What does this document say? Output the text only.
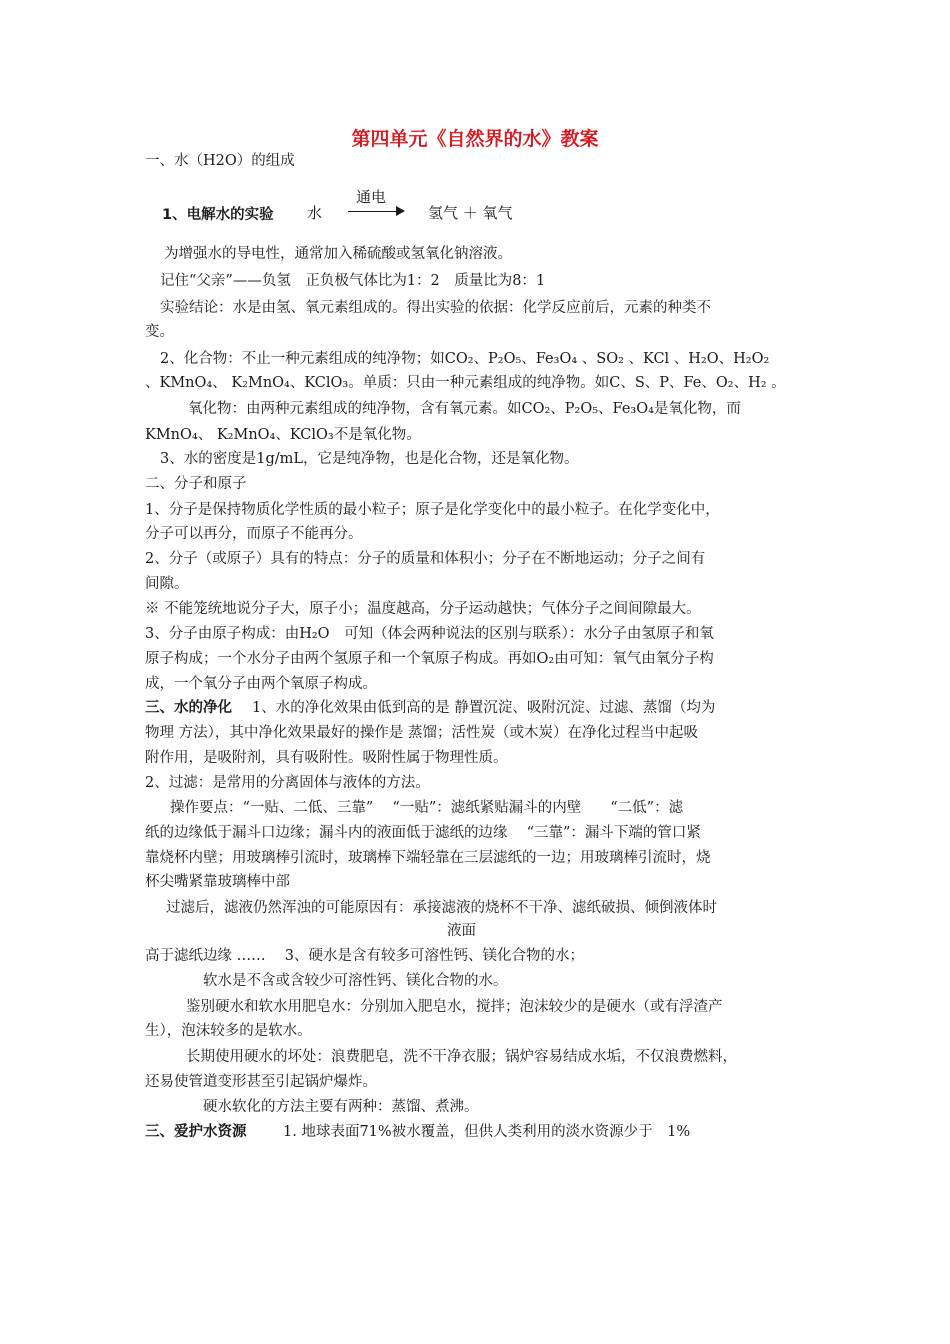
第四单元《自然界的水》教案
一、水（H2O）的组成
1、电解水的实验 水
通电
氢气 ＋ 氧气
为增强水的导电性，通常加入稀硫酸或氢氧化钠溶液。
记住“父亲”——负氢　正负极气体比为1：2　质量比为8：1
实验结论：水是由氢、氧元素组成的。得出实验的依据：化学反应前后，元素的种类不
变。
2、化合物：不止一种元素组成的纯净物；如CO₂、P₂O₅、Fe₃O₄ 、SO₂ 、KCl 、H₂O、H₂O₂
、KMnO₄、 K₂MnO₄、KClO₃。单质：只由一种元素组成的纯净物。如C、S、P、Fe、O₂、H₂ 。
氧化物：由两种元素组成的纯净物，含有氧元素。如CO₂、P₂O₅、Fe₃O₄是氧化物，而
KMnO₄、 K₂MnO₄、KClO₃不是氧化物。
3、水的密度是1g/mL，它是纯净物，也是化合物，还是氧化物。
二、分子和原子
1、分子是保持物质化学性质的最小粒子；原子是化学变化中的最小粒子。在化学变化中，
分子可以再分，而原子不能再分。
2、分子（或原子）具有的特点：分子的质量和体积小；分子在不断地运动；分子之间有
间隙。
※ 不能笼统地说分子大，原子小；温度越高，分子运动越快；气体分子之间间隙最大。
3、分子由原子构成：由H₂O　可知（体会两种说法的区别与联系）：水分子由氢原子和氧
原子构成；一个水分子由两个氢原子和一个氧原子构成。再如O₂由可知：氧气由氧分子构
成，一个氧分子由两个氧原子构成。
三、水的净化 1、水的净化效果由低到高的是 静置沉淀、吸附沉淀、过滤、蒸馏（均为
物理 方法），其中净化效果最好的操作是 蒸馏；活性炭（或木炭）在净化过程当中起吸
附作用，是吸附剂，具有吸附性。吸附性属于物理性质。
2、过滤：是常用的分离固体与液体的方法。
操作要点：“一贴、二低、三靠”　 “一贴”：滤纸紧贴漏斗的内壁　　“二低”：滤
纸的边缘低于漏斗口边缘；漏斗内的液面低于滤纸的边缘　 “三靠”：漏斗下端的管口紧
靠烧杯内壁；用玻璃棒引流时，玻璃棒下端轻靠在三层滤纸的一边；用玻璃棒引流时，烧
杯尖嘴紧靠玻璃棒中部
过滤后，滤液仍然浑浊的可能原因有：承接滤液的烧杯不干净、滤纸破损、倾倒液体时
液面
高于滤纸边缘 ……　 3、硬水是含有较多可溶性钙、镁化合物的水；
软水是不含或含较少可溶性钙、镁化合物的水。
鉴别硬水和软水用肥皂水：分别加入肥皂水，搅拌；泡沫较少的是硬水（或有浮渣产
生），泡沫较多的是软水。
长期使用硬水的坏处：浪费肥皂，洗不干净衣服；锅炉容易结成水垢，不仅浪费燃料，
还易使管道变形甚至引起锅炉爆炸。
硬水软化的方法主要有两种：蒸馏、煮沸。
三、爱护水资源	1. 地球表面71%被水覆盖，但供人类利用的淡水资源少于　1%
